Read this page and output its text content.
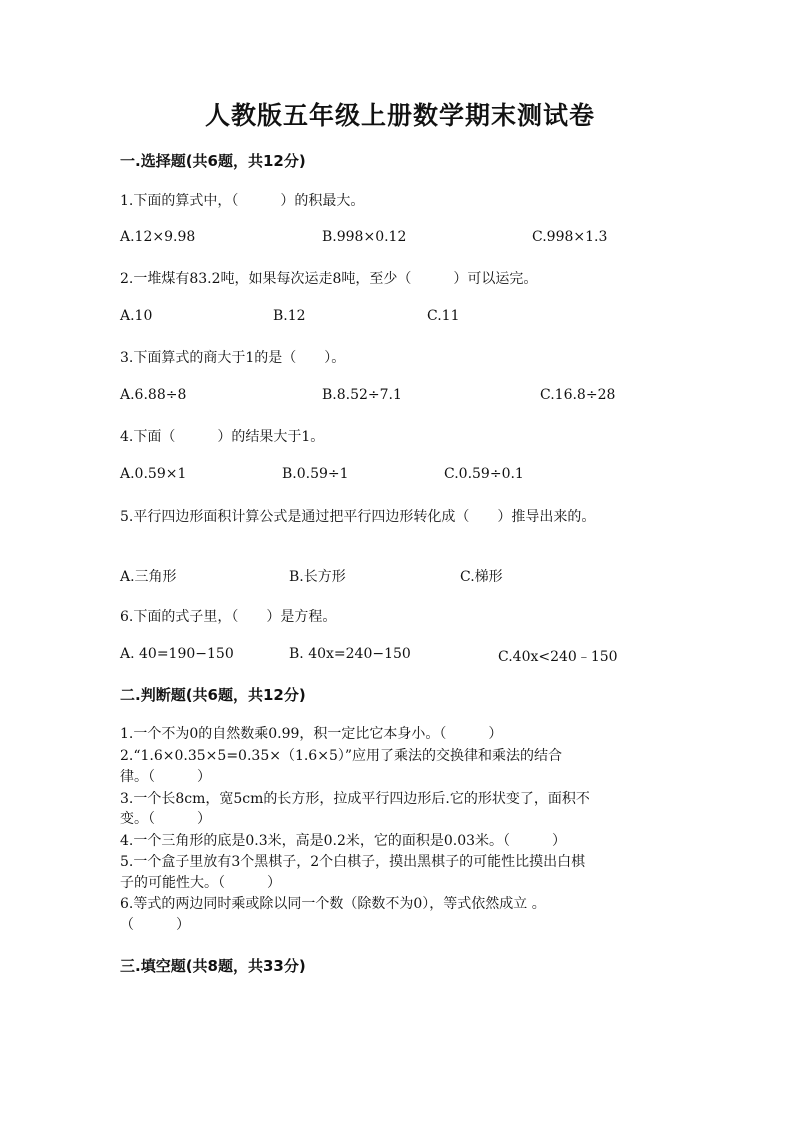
人教版五年级上册数学期末测试卷
一.选择题(共6题，共12分)
1.下面的算式中，（　　　）的积最大。
A.12×9.98	B.998×0.12	C.998×1.3
2.一堆煤有83.2吨，如果每次运走8吨，至少（　　　）可以运完。
A.10	B.12	C.11
3.下面算式的商大于1的是（　　）。
A.6.88÷8	B.8.52÷7.1	C.16.8÷28
4.下面（　　　）的结果大于1。
A.0.59×1	B.0.59÷1	C.0.59÷0.1
5.平行四边形面积计算公式是通过把平行四边形转化成（　　）推导出来的。
A.三角形	B.长方形	C.梯形
6.下面的式子里，（　　）是方程。
A. 40=190−150	B. 40x=240−150	C.40x<240﹣150
二.判断题(共6题，共12分)
1.一个不为0的自然数乘0.99，积一定比它本身小。（　　　）
2.“1.6×0.35×5=0.35×（1.6×5）”应用了乘法的交换律和乘法的结合
律。（　　　）
3.一个长8cm，宽5cm的长方形，拉成平行四边形后.它的形状变了，面积不
变。（　　　）
4.一个三角形的底是0.3米，高是0.2米，它的面积是0.03米。（　　　）
5.一个盒子里放有3个黑棋子，2个白棋子，摸出黑棋子的可能性比摸出白棋
子的可能性大。（　　　）
6.等式的两边同时乘或除以同一个数（除数不为0），等式依然成立 。
（　　　）
三.填空题(共8题，共33分)
